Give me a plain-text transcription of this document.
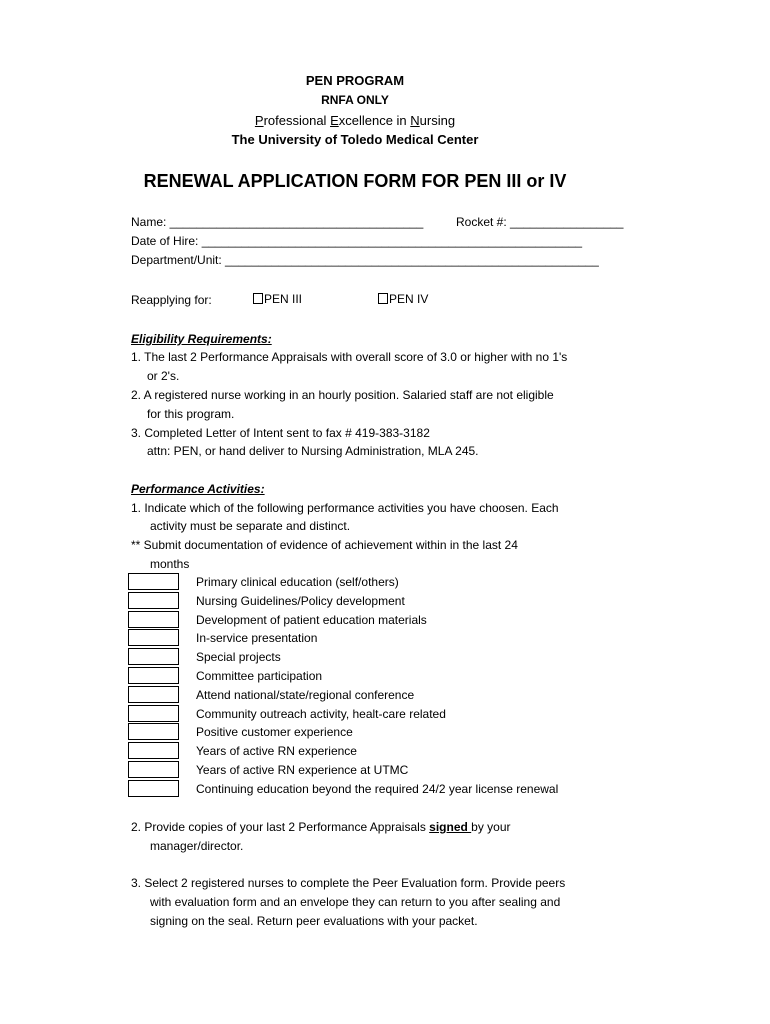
PEN PROGRAM
RNFA ONLY
Professional Excellence in Nursing
The University of Toledo Medical Center
RENEWAL APPLICATION FORM FOR PEN III or IV
Name: ______________________________________	Rocket #: _________________
Date of Hire: _________________________________________________________
Department/Unit: ________________________________________________________
Reapplying for:	PEN III	PEN IV
Eligibility Requirements:
1. The last 2 Performance Appraisals with overall score of 3.0 or higher with no 1's
or 2's.
2. A registered nurse working in an hourly position. Salaried staff are not eligible
for this program.
3. Completed Letter of Intent sent to fax # 419-383-3182
attn: PEN, or hand deliver to Nursing Administration, MLA 245.
Performance Activities:
1. Indicate which of the following performance activities you have choosen. Each
activity must be separate and distinct.
** Submit documentation of evidence of achievement within in the last 24
months
Primary clinical education (self/others)
Nursing Guidelines/Policy development
Development of patient education materials
In-service presentation
Special projects
Committee participation
Attend national/state/regional conference
Community outreach activity, healt-care related
Positive customer experience
Years of active RN experience
Years of active RN experience at UTMC
Continuing education beyond the required 24/2 year license renewal
2. Provide copies of your last 2 Performance Appraisals signed by your
manager/director.
3. Select 2 registered nurses to complete the Peer Evaluation form. Provide peers
with evaluation form and an envelope they can return to you after sealing and
signing on the seal. Return peer evaluations with your packet.
